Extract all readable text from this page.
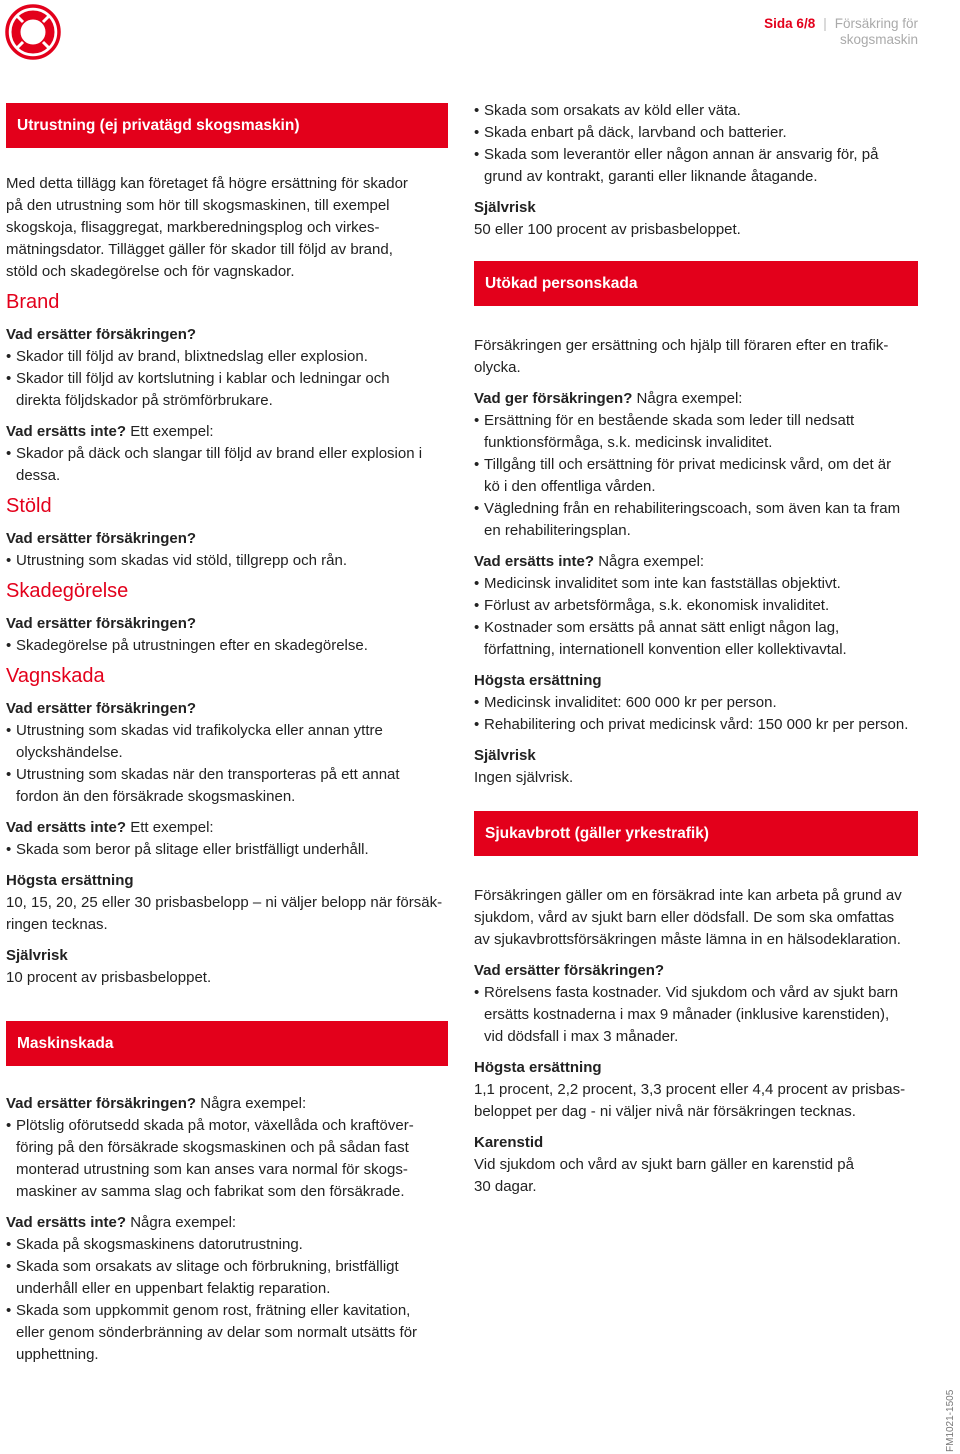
Sida 6/8 | Försäkring för
skogsmaskin
Utrustning (ej privatägd skogsmaskin)

Med detta tillägg kan företaget få högre ersättning för skador
på den utrustning som hör till skogsmaskinen, till exempel
skogskoja, flisaggregat, markberedningsplog och virkes-
mätningsdator. Tillägget gäller för skador till följd av brand,
stöld och skadegörelse och för vagnskador.

Brand
Vad ersätter försäkringen?
• Skador till följd av brand, blixtnedslag eller explosion.
• Skador till följd av kortslutning i kablar och ledningar och
direkta följdskador på strömförbrukare.
Vad ersätts inte? Ett exempel:
• Skador på däck och slangar till följd av brand eller explosion i
dessa.
Stöld
Vad ersätter försäkringen?
• Utrustning som skadas vid stöld, tillgrepp och rån.
Skadegörelse
Vad ersätter försäkringen?
• Skadegörelse på utrustningen efter en skadegörelse.
Vagnskada
Vad ersätter försäkringen?
• Utrustning som skadas vid trafikolycka eller annan yttre
olyckshändelse.
• Utrustning som skadas när den transporteras på ett annat
fordon än den försäkrade skogsmaskinen.
Vad ersätts inte? Ett exempel:
• Skada som beror på slitage eller bristfälligt underhåll.
Högsta ersättning

10, 15, 20, 25 eller 30 prisbasbelopp – ni väljer belopp när försäk-
ringen tecknas.

Självrisk

10 procent av prisbasbeloppet.

Maskinskada
Vad ersätter försäkringen? Några exempel:
• Plötslig oförutsedd skada på motor, växellåda och kraftöver-
föring på den försäkrade skogsmaskinen och på sådan fast
monterad utrustning som kan anses vara normal för skogs-
maskiner av samma slag och fabrikat som den försäkrade.
Vad ersätts inte? Några exempel:
• Skada på skogsmaskinens datorutrustning.
• Skada som orsakats av slitage och förbrukning, bristfälligt
underhåll eller en uppenbart felaktig reparation.
• Skada som uppkommit genom rost, frätning eller kavitation,
eller genom sönderbränning av delar som normalt utsätts för
upphettning.
• Skada som orsakats av köld eller väta.
• Skada enbart på däck, larvband och batterier.
• Skada som leverantör eller någon annan är ansvarig för, på
grund av kontrakt, garanti eller liknande åtagande.
Självrisk

50 eller 100 procent av prisbasbeloppet.

Utökad personskada

Försäkringen ger ersättning och hjälp till föraren efter en trafik-
olycka.

Vad ger försäkringen? Några exempel:
• Ersättning för en bestående skada som leder till nedsatt
funktionsförmåga, s.k. medicinsk invaliditet.
• Tillgång till och ersättning för privat medicinsk vård, om det är
kö i den offentliga vården.
• Vägledning från en rehabiliteringscoach, som även kan ta fram
en rehabiliteringsplan.
Vad ersätts inte? Några exempel:
• Medicinsk invaliditet som inte kan fastställas objektivt.
• Förlust av arbetsförmåga, s.k. ekonomisk invaliditet.
• Kostnader som ersätts på annat sätt enligt någon lag,
författning, internationell konvention eller kollektivavtal.
Högsta ersättning
• Medicinsk invaliditet: 600 000 kr per person.
• Rehabilitering och privat medicinsk vård: 150 000 kr per person.
Självrisk

Ingen självrisk.

Sjukavbrott (gäller yrkestrafik)

Försäkringen gäller om en försäkrad inte kan arbeta på grund av
sjukdom, vård av sjukt barn eller dödsfall. De som ska omfattas
av sjukavbrottsförsäkringen måste lämna in en hälsodeklaration.

Vad ersätter försäkringen?
• Rörelsens fasta kostnader. Vid sjukdom och vård av sjukt barn
ersätts kostnaderna i max 9 månader (inklusive karenstiden),
vid dödsfall i max 3 månader.
Högsta ersättning

1,1 procent, 2,2 procent, 3,3 procent eller 4,4 procent av prisbas-
beloppet per dag - ni väljer nivå när försäkringen tecknas.

Karenstid

Vid sjukdom och vård av sjukt barn gäller en karenstid på
30 dagar.

FM1021-1505
